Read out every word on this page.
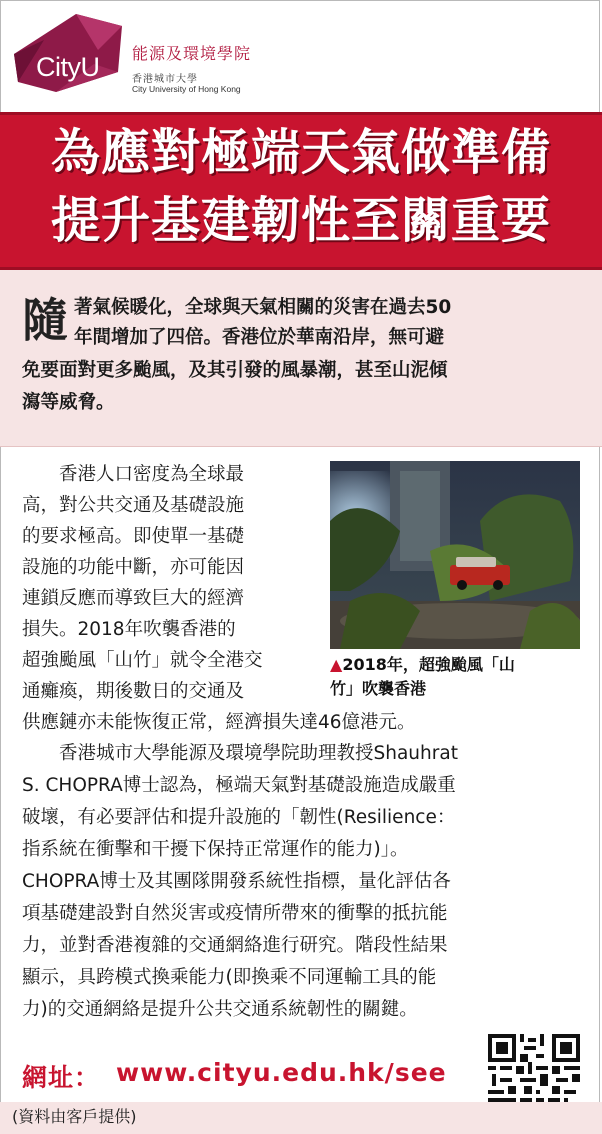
CityU 能源及環境學院
香港城市大學
City University of Hong Kong
為應對極端天氣做準備
提升基建韌性至關重要
隨 著氣候暖化，全球與天氣相關的災害在過去50
年間增加了四倍。香港位於華南沿岸，無可避
免要面對更多颱風，及其引發的風暴潮，甚至山泥傾
瀉等威脅。
　　香港人口密度為全球最
高，對公共交通及基礎設施
的要求極高。即使單一基礎
設施的功能中斷，亦可能因
連鎖反應而導致巨大的經濟
損失。2018年吹襲香港的
超強颱風「山竹」就令全港交
通癱瘓，期後數日的交通及
供應鏈亦未能恢復正常，經濟損失達46億港元。
▲2018年，超強颱風「山
竹」吹襲香港
　　香港城市大學能源及環境學院助理教授Shauhrat
S. CHOPRA博士認為，極端天氣對基礎設施造成嚴重
破壞，有必要評估和提升設施的「韌性(Resilience：
指系統在衝擊和干擾下保持正常運作的能力)」。
CHOPRA博士及其團隊開發系統性指標，量化評估各
項基礎建設對自然災害或疫情所帶來的衝擊的抵抗能
力，並對香港複雜的交通網絡進行研究。階段性結果
顯示，具跨模式換乘能力(即換乘不同運輸工具的能
力)的交通網絡是提升公共交通系統韌性的關鍵。
網址： www.cityu.edu.hk/see
(資料由客戶提供)
